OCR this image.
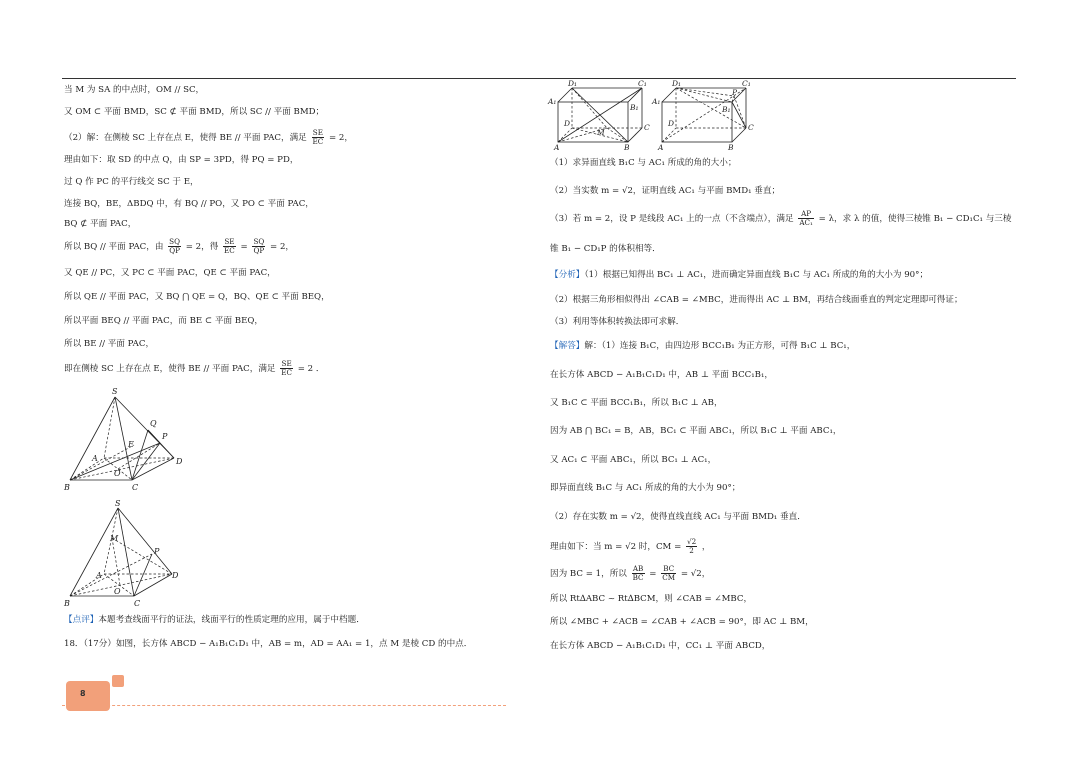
当 M 为 SA 的中点时，OM // SC，
又 OM ⊂ 平面 BMD，SC ⊄ 平面 BMD，所以 SC // 平面 BMD；
（2）解：在侧棱 SC 上存在点 E，使得 BE // 平面 PAC，满足 $\frac{SE}{EC} = 2$，
理由如下：取 SD 的中点 Q，由 SP = 3PD，得 PQ = PD，
过 Q 作 PC 的平行线交 SC 于 E，
连接 BQ，BE，ΔBDQ 中，有 BQ // PO，又 PO ⊂ 平面 PAC，
BQ ⊄ 平面 PAC，
所以 BQ // 平面 PAC，由 $\frac{SQ}{QP} = 2$，得 $\frac{SE}{EC} = \frac{SQ}{QP} = 2$，
又 QE // PC，又 PC ⊂ 平面 PAC，QE ⊂ 平面 PAC，
所以 QE // 平面 PAC，又 BQ ⋂ QE = Q，BQ、QE ⊂ 平面 BEQ，
所以平面 BEQ // 平面 PAC，而 BE ⊂ 平面 BEQ，
所以 BE // 平面 PAC，
即在侧棱 SC 上存在点 E，使得 BE // 平面 PAC，满足 $\frac{SE}{EC} = 2$ ．
【点评】本题考查线面平行的证法，线面平行的性质定理的应用，属于中档题．
18．（17分）如图，长方体 ABCD − A₁B₁C₁D₁ 中，AB = m，AD = AA₁ = 1，点 M 是棱 CD 的中点．
S
Q
P
E
A
O
D
B	C
S
M
P
A
O
D
B	C
D₁	C₁
A₁
B₁
D
M
C
A	B
D₁	C₁
A₁
P
B₁
D	C
A	B
（1）求异面直线 B₁C 与 AC₁ 所成的角的大小；
（2）当实数 m = √2，证明直线 AC₁ 与平面 BMD₁ 垂直；
（3）若 m = 2，设 P 是线段 AC₁ 上的一点（不含端点），满足 $\frac{AP}{\text{AC₁}} = \lambda$，求 λ 的值，使得三棱锥 B₁ − CD₁C₁ 与三棱
锥 B₁ − CD₁P 的体积相等．
【分析】（1）根据已知得出 BC₁ ⊥ AC₁，进而确定异面直线 B₁C 与 AC₁ 所成的角的大小为 90°；
（2）根据三角形相似得出 ∠CAB = ∠MBC，进而得出 AC ⊥ BM，再结合线面垂直的判定定理即可得证；
（3）利用等体积转换法即可求解．
【解答】解：（1）连接 B₁C，由四边形 BCC₁B₁ 为正方形，可得 B₁C ⊥ BC₁，
在长方体 ABCD − A₁B₁C₁D₁ 中，AB ⊥ 平面 BCC₁B₁，
又 B₁C ⊂ 平面 BCC₁B₁，所以 B₁C ⊥ AB，
因为 AB ⋂ BC₁ = B，AB，BC₁ ⊂ 平面 ABC₁，所以 B₁C ⊥ 平面 ABC₁，
又 AC₁ ⊂ 平面 ABC₁，所以 BC₁ ⊥ AC₁，
即异面直线 B₁C 与 AC₁ 所成的角的大小为 90°；
（2）存在实数 m = √2，使得直线直线 AC₁ 与平面 BMD₁ 垂直．
理由如下：当 m = √2 时，CM = $\frac{√2}{2}$ ，
因为 BC = 1，所以 $\frac{AB}{BC} = \frac{BC}{CM} = √2$，
所以 Rt∆ABC ~ Rt∆BCM，则 ∠CAB = ∠MBC，
所以 ∠MBC + ∠ACB = ∠CAB + ∠ACB = 90°，即 AC ⊥ BM，
在长方体 ABCD − A₁B₁C₁D₁ 中，CC₁ ⊥ 平面 ABCD，
8
